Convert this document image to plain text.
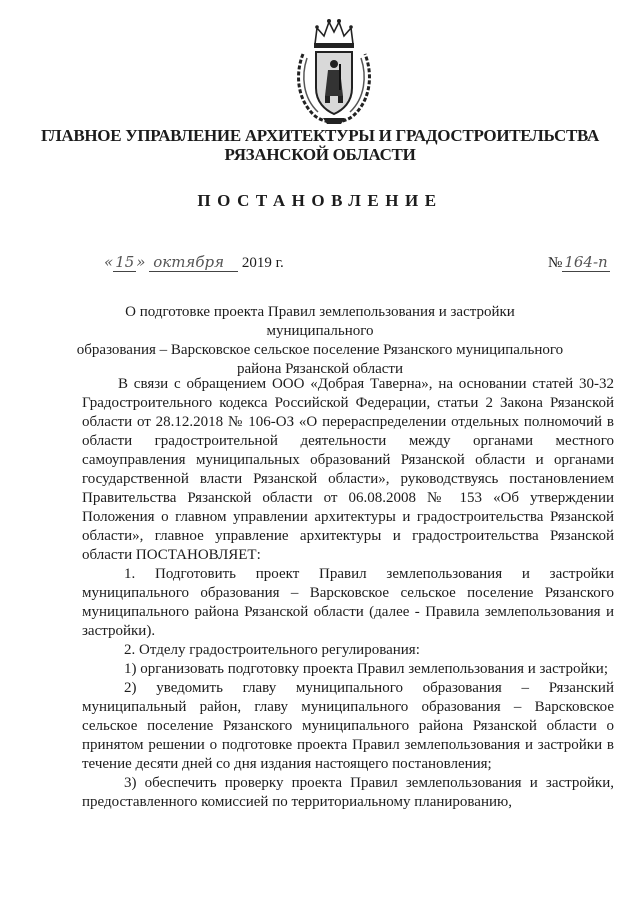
ГЛАВНОЕ УПРАВЛЕНИЕ АРХИТЕКТУРЫ И ГРАДОСТРОИТЕЛЬСТВА
РЯЗАНСКОЙ ОБЛАСТИ
ПОСТАНОВЛЕНИЕ
« 15 » октября 2019 г.	№ 164-п
О подготовке проекта Правил землепользования и застройки муниципального
образования – Варсковское сельское поселение Рязанского муниципального
района Рязанской области

В связи с обращением ООО «Добрая Таверна», на основании статей 30-32 Градостроительного кодекса Российской Федерации, статьи 2 Закона Рязанской области от 28.12.2018 № 106-ОЗ «О перераспределении отдельных полномочий в области градостроительной деятельности между органами местного самоуправления муниципальных образований Рязанской области и органами государственной власти Рязанской области», руководствуясь постановлением Правительства Рязанской области от 06.08.2008 № 153 «Об утверждении Положения о главном управлении архитектуры и градостроительства Рязанской области», главное управление архитектуры и градостроительства Рязанской области ПОСТАНОВЛЯЕТ:

1. Подготовить проект Правил землепользования и застройки муниципального образования – Варсковское сельское поселение Рязанского муниципального района Рязанской области (далее - Правила землепользования и застройки).

2. Отделу градостроительного регулирования:

1) организовать подготовку проекта Правил землепользования и застройки;

2) уведомить главу муниципального образования – Рязанский муниципальный район, главу муниципального образования – Варсковское сельское поселение Рязанского муниципального района Рязанской области о принятом решении о подготовке проекта Правил землепользования и застройки в течение десяти дней со дня издания настоящего постановления;

3) обеспечить проверку проекта Правил землепользования и застройки, предоставленного комиссией по территориальному планированию,
